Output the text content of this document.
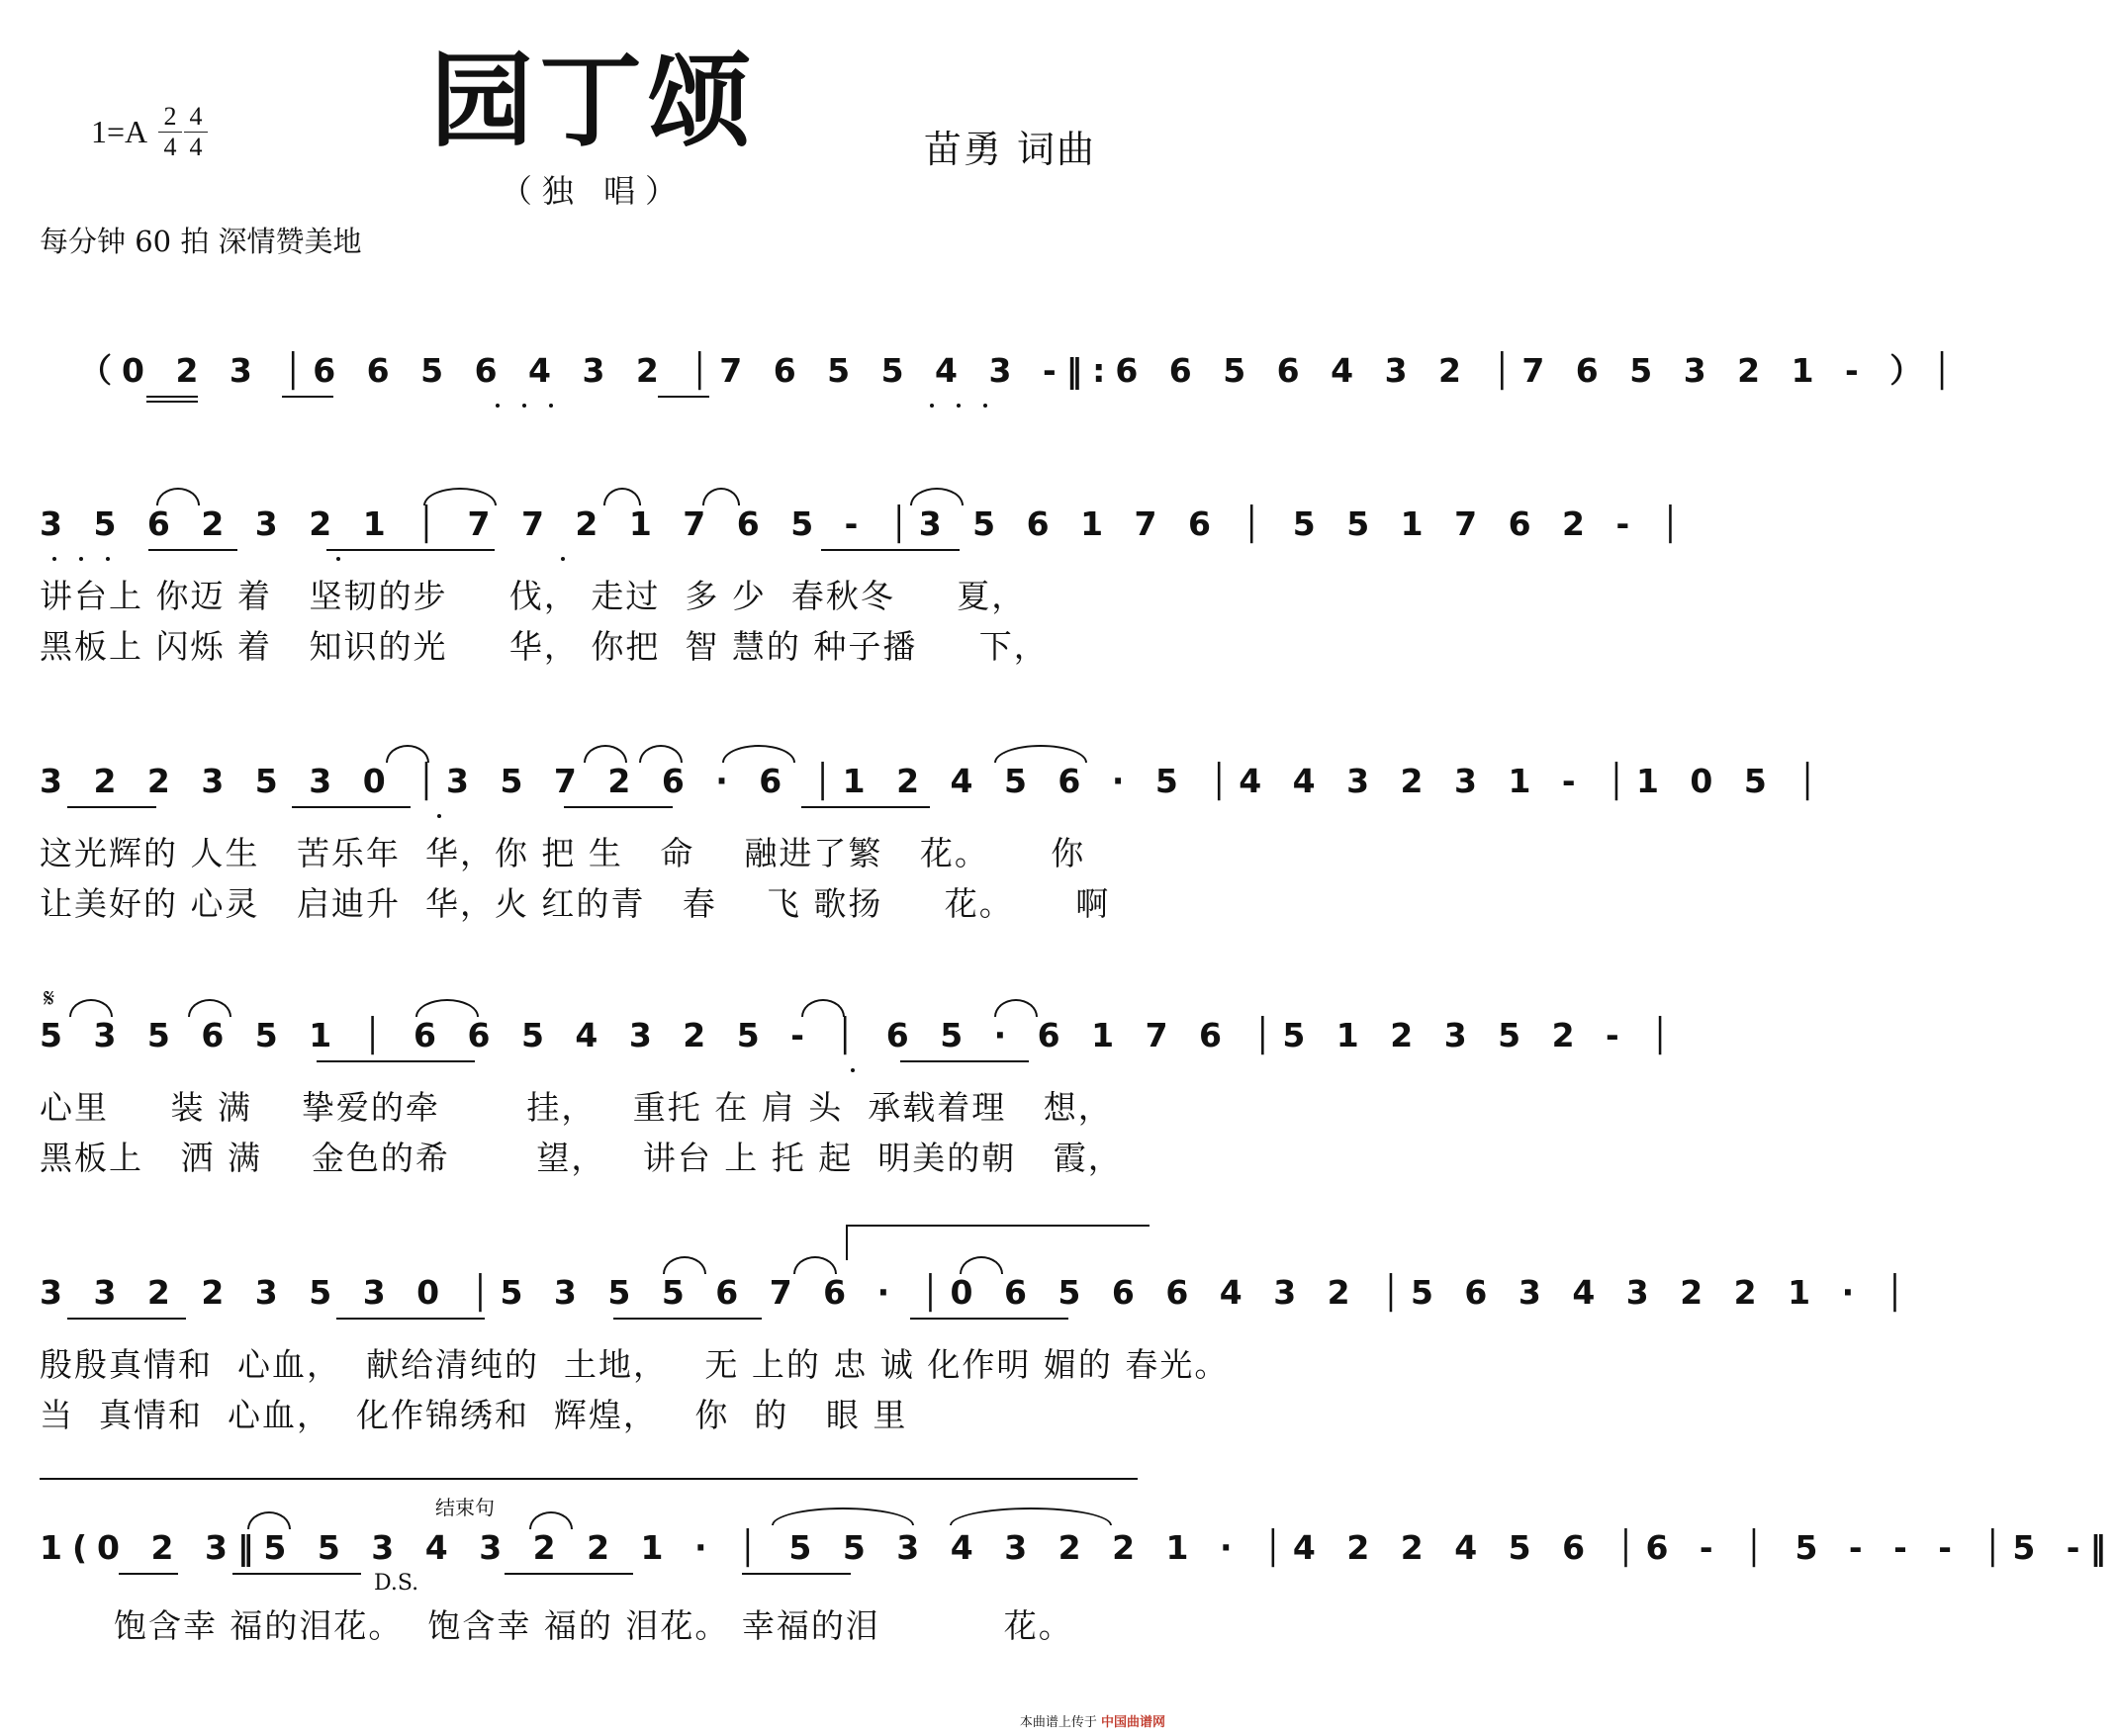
园丁颂
（独 唱）
$1=A \frac{2}{4} \frac{4}{4}$	苗勇 词曲
每分钟 60 拍 深情赞美地
（0 2 3 │6 6 5 6 4 3 2 │7 6 5 5 4 3 -‖:6 6 5 6 4 3 2 │7 6 5 3 2 1 - ）│
3 5 6 2 3 2 1 │ 7 7 2 1 7 6 5 - │3 5 6 1 7 6 │ 5 5 1 7 6 2 - │
讲台上 你迈 着   坚韧的步     伐， 走过  多 少  春秋冬     夏，
黑板上 闪烁 着   知识的光     华， 你把  智 慧的 种子播     下，
3 2 2 3 5 3 0 │3 5 7 2 6 · 6 │1 2 4 5 6 · 5 │4 4 3 2 3 1 - │1 0 5 │
这光辉的 人生   苦乐年  华，你 把 生   命    融进了繁   花。     你
让美好的 心灵   启迪升  华，火 红的青   春    飞 歌扬     花。     啊
𝄋
5 3 5 6 5 1 │ 6 6 5 4 3 2 5 - │ 6 5 · 6 1 7 6 │5 1 2 3 5 2 - │
心里     装 满    挚爱的牵       挂，   重托 在 肩 头  承载着理   想，
黑板上   洒 满    金色的希       望，   讲台 上 托 起  明美的朝   霞，
3 3 2 2 3 5 3 0 │5 3 5 5 6 7 6 · │0 6 5 6 6 4 3 2 │5 6 3 4 3 2 2 1 · │
殷殷真情和  心血，  献给清纯的  土地，   无 上的 忠 诚 化作明 媚的 春光。
当  真情和  心血，  化作锦绣和  辉煌，   你  的   眼 里
结束句
1(0 2 3‖5 5 3 4 3 2 2 1 · │ 5 5 3 4 3 2 2 1 · │4 2 2 4 5 6 │6 - │ 5 - - - │5 -‖
D.S.
饱含幸 福的泪花。  饱含幸 福的 泪花。 幸福的泪          花。
本曲谱上传于 中国曲谱网
